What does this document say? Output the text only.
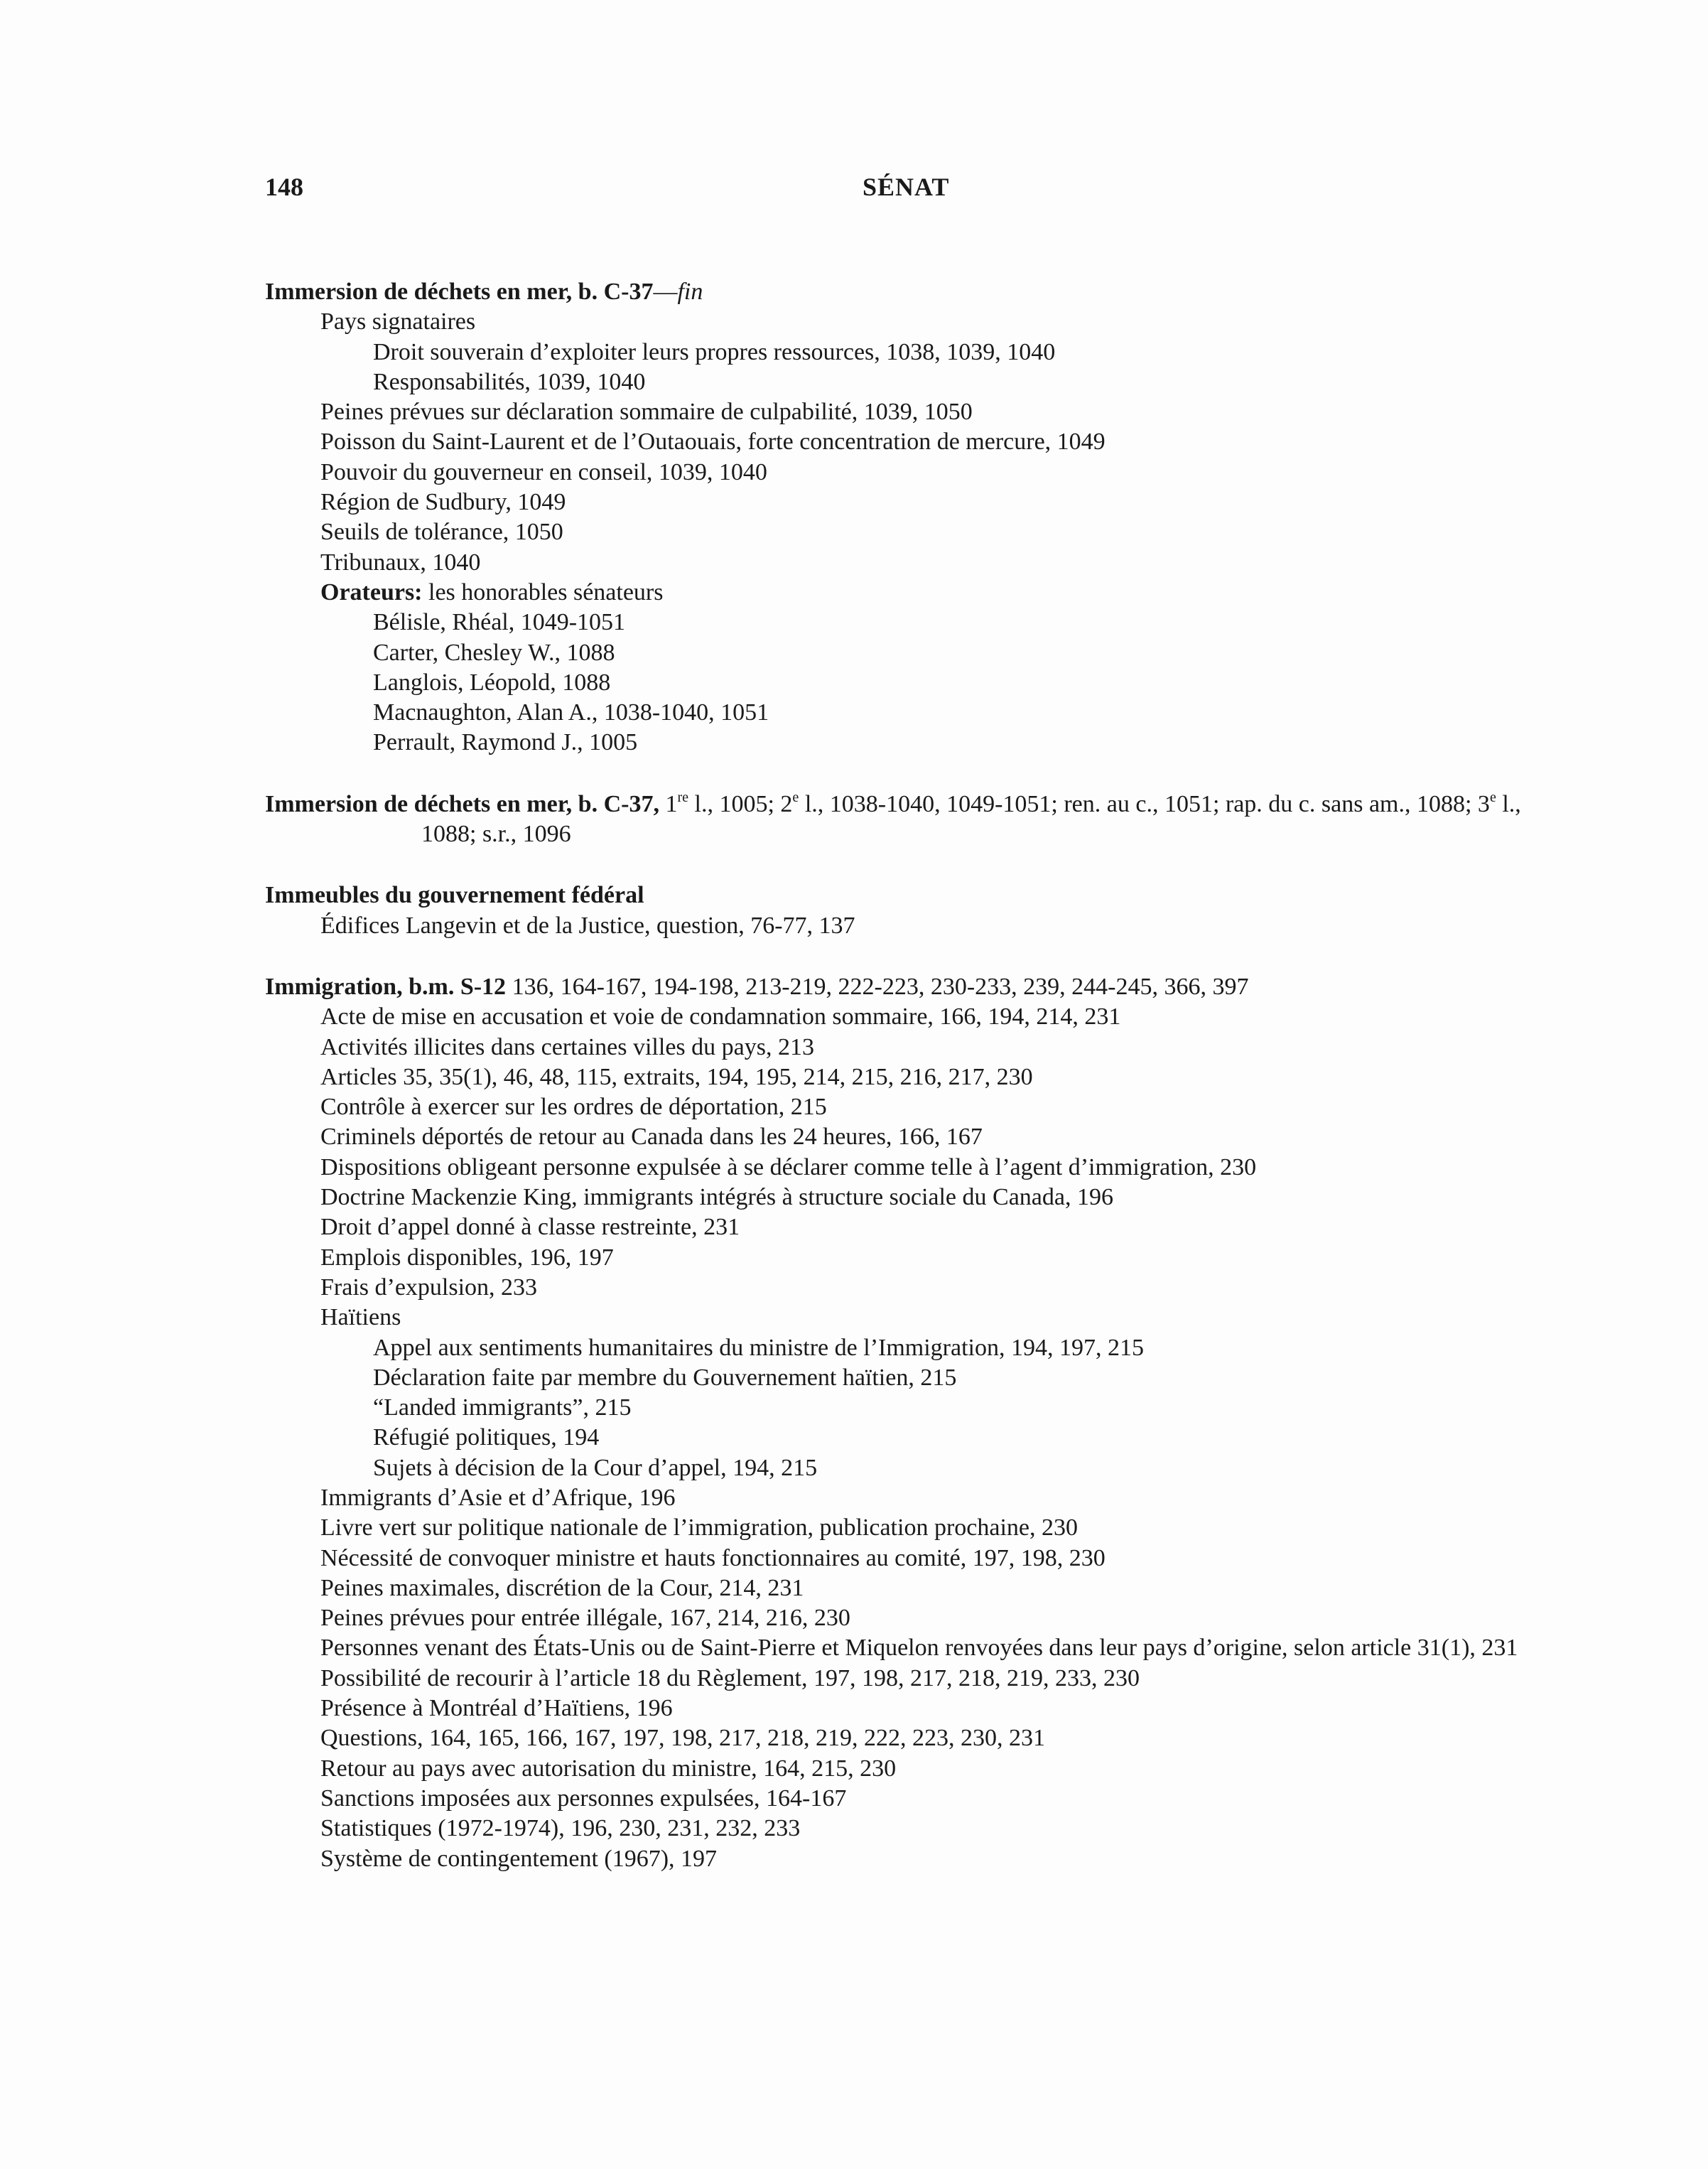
148	SÉNAT
Immersion de déchets en mer, b. C-37—fin
Pays signataires
Droit souverain d’exploiter leurs propres ressources, 1038, 1039, 1040
Responsabilités, 1039, 1040
Peines prévues sur déclaration sommaire de culpabilité, 1039, 1050
Poisson du Saint-Laurent et de l’Outaouais, forte concentration de mercure, 1049
Pouvoir du gouverneur en conseil, 1039, 1040
Région de Sudbury, 1049
Seuils de tolérance, 1050
Tribunaux, 1040
Orateurs: les honorables sénateurs
Bélisle, Rhéal, 1049-1051
Carter, Chesley W., 1088
Langlois, Léopold, 1088
Macnaughton, Alan A., 1038-1040, 1051
Perrault, Raymond J., 1005
Immersion de déchets en mer, b. C-37, 1re l., 1005; 2e l., 1038-1040, 1049-1051; ren. au c., 1051; rap. du c. sans am., 1088; 3e l., 1088; s.r., 1096
Immeubles du gouvernement fédéral
Édifices Langevin et de la Justice, question, 76-77, 137
Immigration, b.m. S-12 136, 164-167, 194-198, 213-219, 222-223, 230-233, 239, 244-245, 366, 397
Acte de mise en accusation et voie de condamnation sommaire, 166, 194, 214, 231
Activités illicites dans certaines villes du pays, 213
Articles 35, 35(1), 46, 48, 115, extraits, 194, 195, 214, 215, 216, 217, 230
Contrôle à exercer sur les ordres de déportation, 215
Criminels déportés de retour au Canada dans les 24 heures, 166, 167
Dispositions obligeant personne expulsée à se déclarer comme telle à l’agent d’immigration, 230
Doctrine Mackenzie King, immigrants intégrés à structure sociale du Canada, 196
Droit d’appel donné à classe restreinte, 231
Emplois disponibles, 196, 197
Frais d’expulsion, 233
Haïtiens
Appel aux sentiments humanitaires du ministre de l’Immigration, 194, 197, 215
Déclaration faite par membre du Gouvernement haïtien, 215
“Landed immigrants”, 215
Réfugié politiques, 194
Sujets à décision de la Cour d’appel, 194, 215
Immigrants d’Asie et d’Afrique, 196
Livre vert sur politique nationale de l’immigration, publication prochaine, 230
Nécessité de convoquer ministre et hauts fonctionnaires au comité, 197, 198, 230
Peines maximales, discrétion de la Cour, 214, 231
Peines prévues pour entrée illégale, 167, 214, 216, 230
Personnes venant des États-Unis ou de Saint-Pierre et Miquelon renvoyées dans leur pays d’origine, selon article 31(1), 231
Possibilité de recourir à l’article 18 du Règlement, 197, 198, 217, 218, 219, 233, 230
Présence à Montréal d’Haïtiens, 196
Questions, 164, 165, 166, 167, 197, 198, 217, 218, 219, 222, 223, 230, 231
Retour au pays avec autorisation du ministre, 164, 215, 230
Sanctions imposées aux personnes expulsées, 164-167
Statistiques (1972-1974), 196, 230, 231, 232, 233
Système de contingentement (1967), 197
